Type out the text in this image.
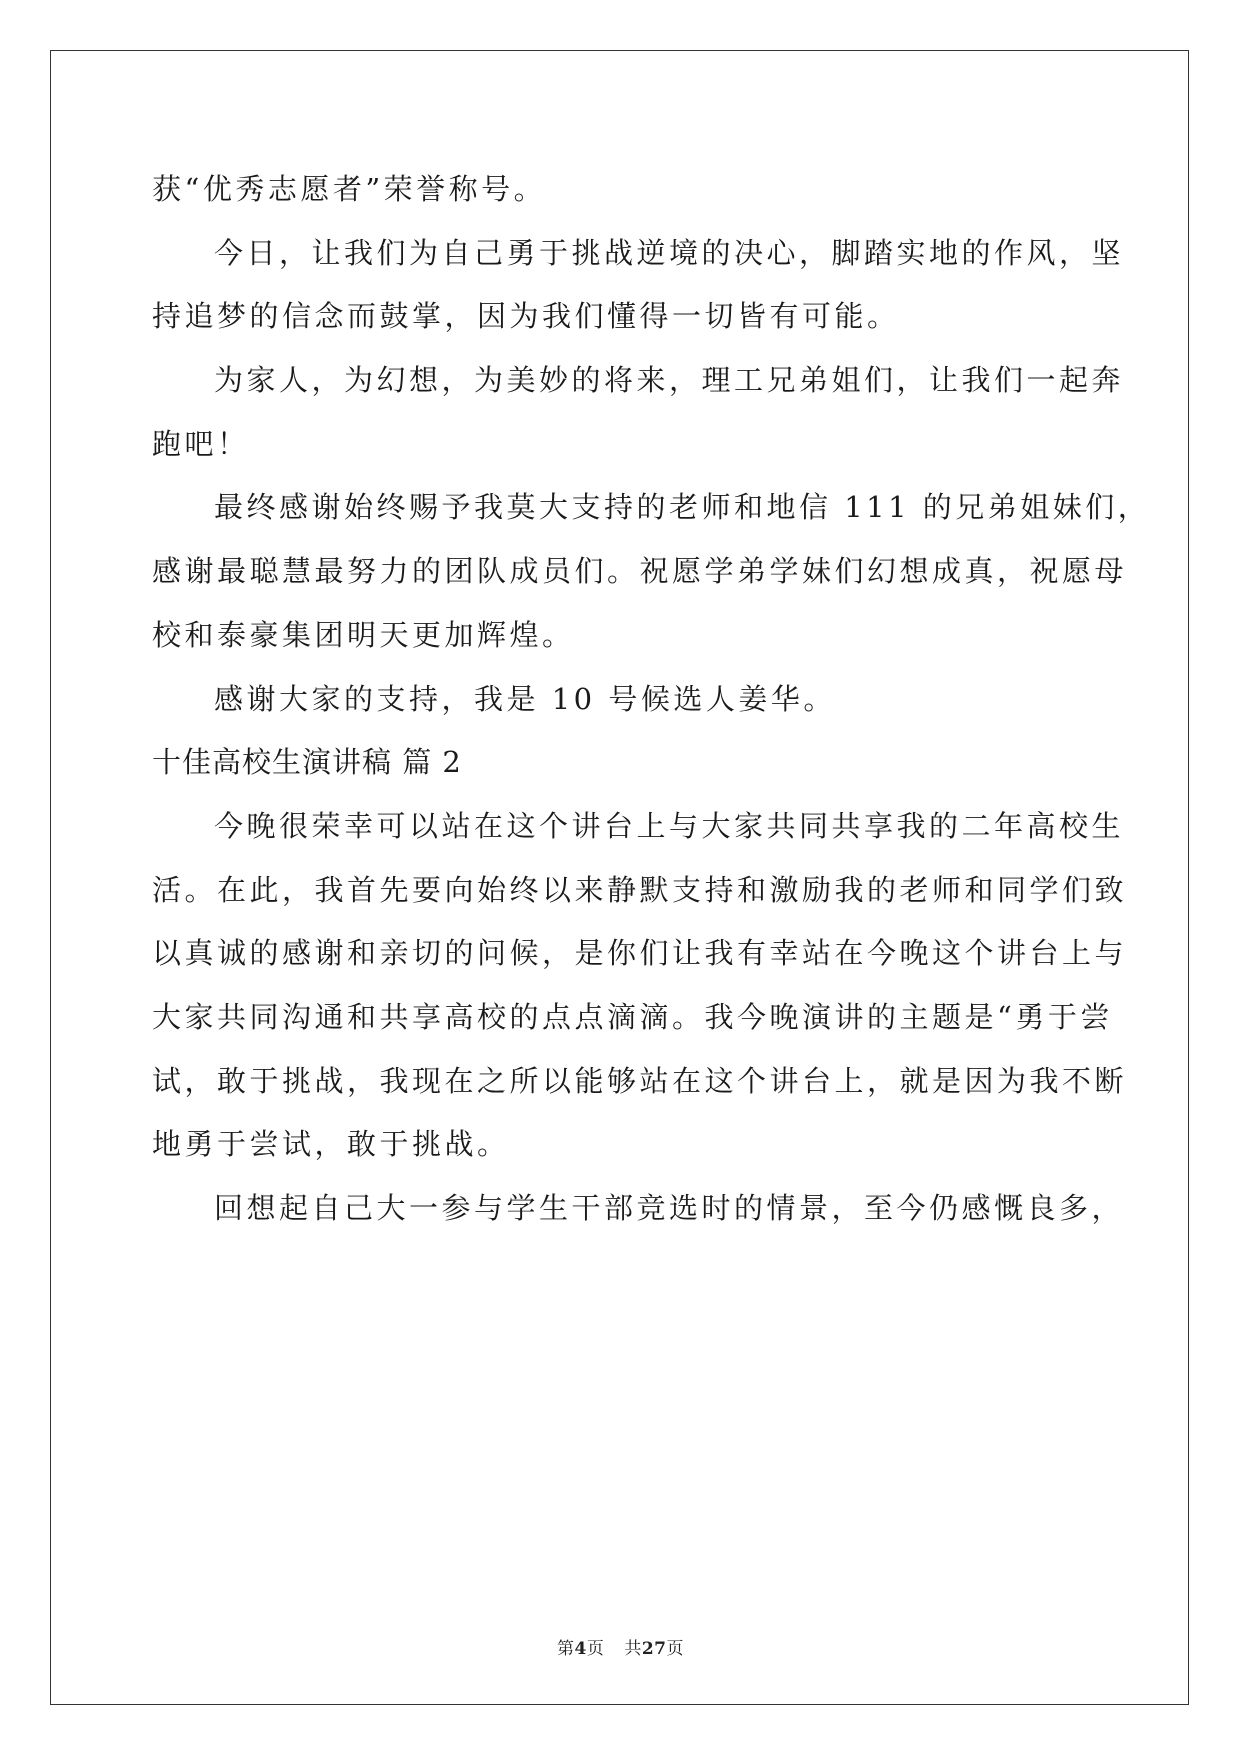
获“优秀志愿者”荣誉称号。
今日，让我们为自己勇于挑战逆境的决心，脚踏实地的作风，坚
持追梦的信念而鼓掌，因为我们懂得一切皆有可能。
为家人，为幻想，为美妙的将来，理工兄弟姐们，让我们一起奔
跑吧！
最终感谢始终赐予我莫大支持的老师和地信 111 的兄弟姐妹们，
感谢最聪慧最努力的团队成员们。祝愿学弟学妹们幻想成真，祝愿母
校和泰豪集团明天更加辉煌。
感谢大家的支持，我是 10 号候选人姜华。
十佳高校生演讲稿 篇 2
今晚很荣幸可以站在这个讲台上与大家共同共享我的二年高校生
活。在此，我首先要向始终以来静默支持和激励我的老师和同学们致
以真诚的感谢和亲切的问候，是你们让我有幸站在今晚这个讲台上与
大家共同沟通和共享高校的点点滴滴。我今晚演讲的主题是“勇于尝
试，敢于挑战，我现在之所以能够站在这个讲台上，就是因为我不断
地勇于尝试，敢于挑战。
回想起自己大一参与学生干部竞选时的情景，至今仍感慨良多，
第4页 共27页
